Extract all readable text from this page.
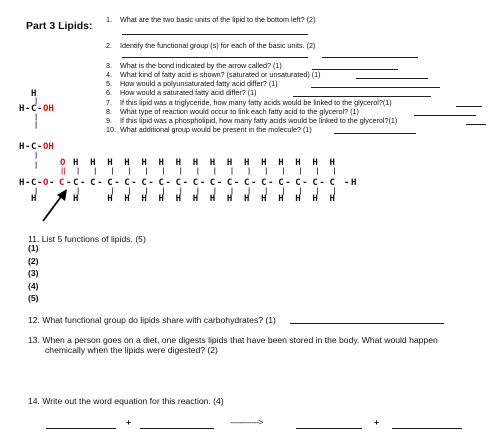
Part 3 Lipids:
1. What are the two basic units of the lipid to the bottom left? (2)
2. Identify the functional group (s) for each of the basic units. (2)
3. What is the bond indicated by the arrow called? (1)
4. What kind of fatty acid is shown? (saturated or unsaturated) (1)
5. How would a polyunsaturated fatty acid differ? (1)
6. How would a saturated fatty acid differ? (1)
7. If this lipid was a triglyceride, how many fatty acids would be linked to the glycerol?(1)
8. What type of reaction would occur to link each fatty acid to the glycerol? (1)
9. If this lipid was a phospholipid, how many fatty acids would be linked to the glycerol?(1)
10. What additional group would be present in the molecule? (1)
H
|
H - C - OH
|
|
H - C - OH
|
|
H - C - O -
|
H
O
||
C -
H
|
C -
|
H
H
|
C -
H
|
C -
|
H
H
|
C -
|
H
H
|
C -
|
H
H
|
C -
|
H
H
|
C -
|
H
H
|
C -
|
H
H
|
C -
|
H
H
|
C -
|
H
H
|
C -
|
H
H
|
C -
|
H
H
|
C -
|
H
H
|
C -
|
H
H
|
C -
|
H
H
|
C
|
H
- H
11. List 5 functions of lipids. (5)
(1)
(2)
(3)
(4)
(5)
12. What functional group do lipids share with carbohydrates? (1)
13. When a person goes on a diet, one digests lipids that have been stored in the body. What would happen
chemically when the lipids were digested? (2)
14. Write out the word equation for this reaction. (4)
+	------------>	+
